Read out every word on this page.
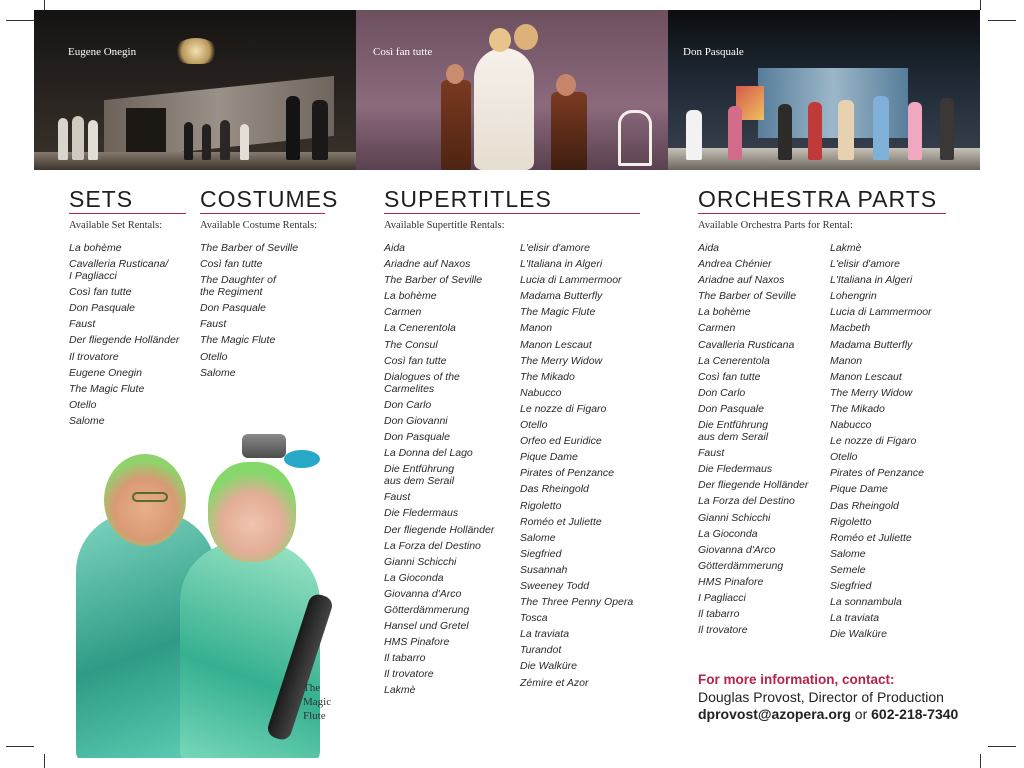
Eugene Onegin	Così fan tutte	Don Pasquale
SETS
Available Set Rentals:
La bohème
Cavalleria Rusticana/
I Pagliacci
Così fan tutte
Don Pasquale
Faust
Der fliegende Holländer
Il trovatore
Eugene Onegin
The Magic Flute
Otello
Salome
COSTUMES
Available Costume Rentals:
The Barber of Seville
Così fan tutte
The Daughter of
the Regiment
Don Pasquale
Faust
The Magic Flute
Otello
Salome
The
Magic
Flute
SUPERTITLES
Available Supertitle Rentals:
Aida
Ariadne auf Naxos
The Barber of Seville
La bohème
Carmen
La Cenerentola
The Consul
Così fan tutte
Dialogues of the
Carmelites
Don Carlo
Don Giovanni
Don Pasquale
La Donna del Lago
Die Entführung
aus dem Serail
Faust
Die Fledermaus
Der fliegende Holländer
La Forza del Destino
Gianni Schicchi
La Gioconda
Giovanna d'Arco
Götterdämmerung
Hansel und Gretel
HMS Pinafore
Il tabarro
Il trovatore
Lakmè
L'elisir d'amore
L'Italiana in Algeri
Lucia di Lammermoor
Madama Butterfly
The Magic Flute
Manon
Manon Lescaut
The Merry Widow
The Mikado
Nabucco
Le nozze di Figaro
Otello
Orfeo ed Euridice
Pique Dame
Pirates of Penzance
Das Rheingold
Rigoletto
Roméo et Juliette
Salome
Siegfried
Susannah
Sweeney Todd
The Three Penny Opera
Tosca
La traviata
Turandot
Die Walküre
Zémire et Azor
ORCHESTRA PARTS
Available Orchestra Parts for Rental:
Aida
Andrea Chénier
Ariadne auf Naxos
The Barber of Seville
La bohème
Carmen
Cavalleria Rusticana
La Cenerentola
Così fan tutte
Don Carlo
Don Pasquale
Die Entführung
aus dem Serail
Faust
Die Fledermaus
Der fliegende Holländer
La Forza del Destino
Gianni Schicchi
La Gioconda
Giovanna d'Arco
Götterdämmerung
HMS Pinafore
I Pagliacci
Il tabarro
Il trovatore
Lakmè
L'elisir d'amore
L'Italiana in Algeri
Lohengrin
Lucia di Lammermoor
Macbeth
Madama Butterfly
Manon
Manon Lescaut
The Merry Widow
The Mikado
Nabucco
Le nozze di Figaro
Otello
Pirates of Penzance
Pique Dame
Das Rheingold
Rigoletto
Roméo et Juliette
Salome
Semele
Siegfried
La sonnambula
La traviata
Die Walküre
For more information, contact:
Douglas Provost, Director of Production
dprovost@azopera.org or 602-218-7340
